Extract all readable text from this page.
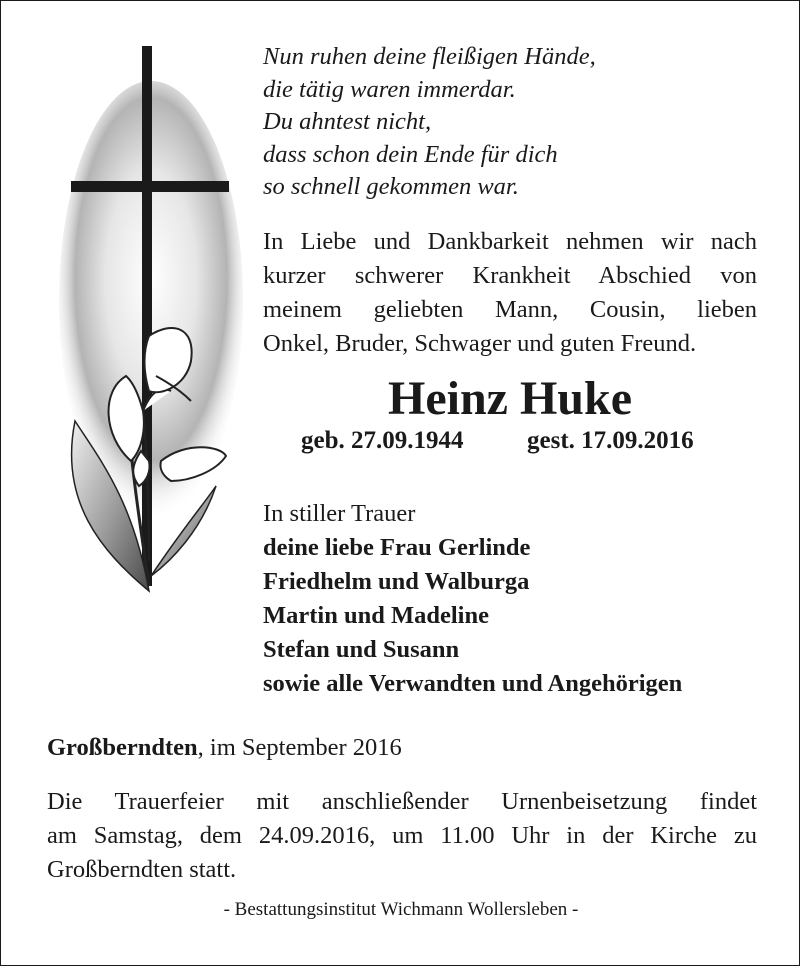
Nun ruhen deine fleißigen Hände,
die tätig waren immerdar.
Du ahntest nicht,
dass schon dein Ende für dich
so schnell gekommen war.
In Liebe und Dankbarkeit nehmen wir nach
kurzer schwerer Krankheit Abschied von
meinem geliebten Mann, Cousin, lieben
Onkel, Bruder, Schwager und guten Freund.
Heinz Huke
geb. 27.09.1944	gest. 17.09.2016
In stiller Trauer
deine liebe Frau Gerlinde
Friedhelm und Walburga
Martin und Madeline
Stefan und Susann
sowie alle Verwandten und Angehörigen
Großberndten, im September 2016
Die Trauerfeier mit anschließender Urnenbeisetzung findet
am Samstag, dem 24.09.2016, um 11.00 Uhr in der Kirche zu
Großberndten statt.
- Bestattungsinstitut Wichmann Wollersleben -
